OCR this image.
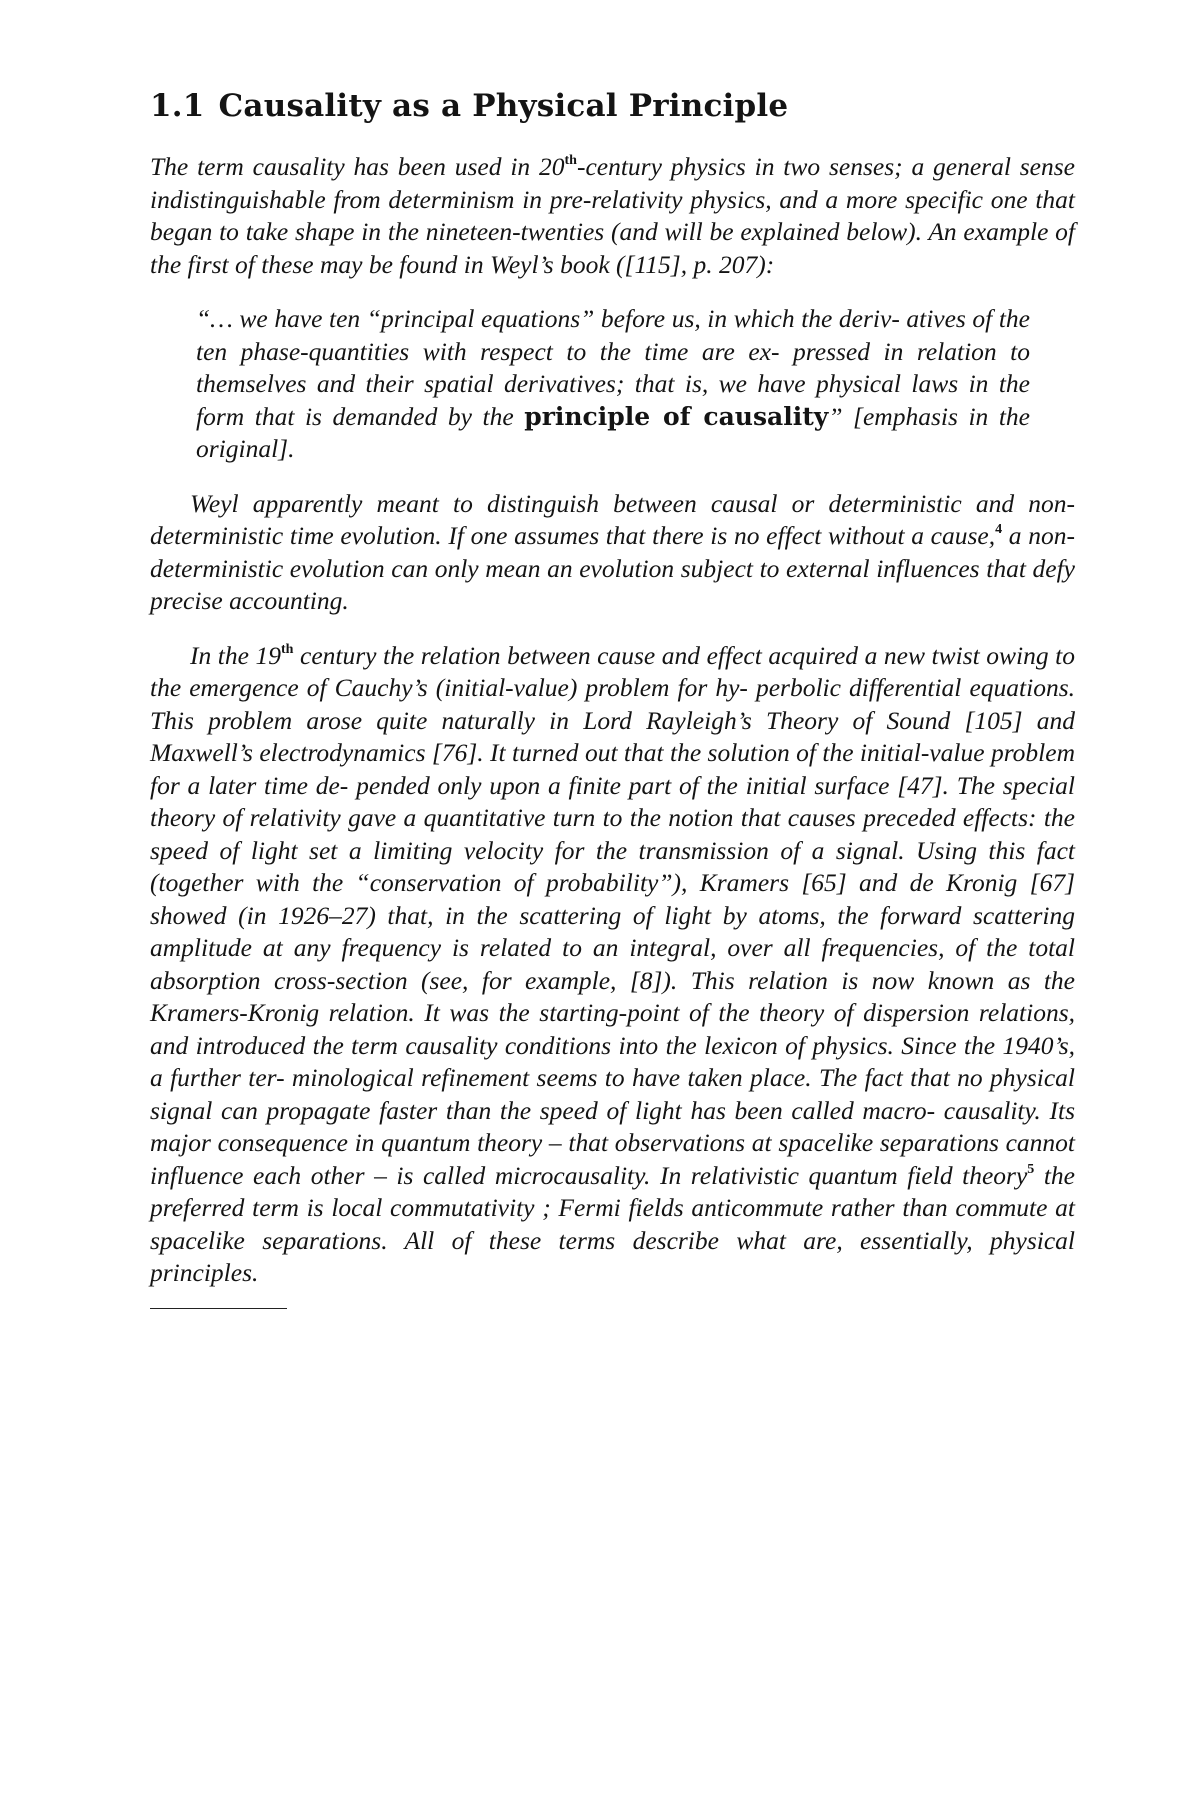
1.1 Causality as a Physical Principle

The term causality has been used in 20th-century physics in two senses; a general sense indistinguishable from determinism in pre-relativity physics, and a more specific one that began to take shape in the nineteen-twenties (and will be explained below). An example of the first of these may be found in Weyl’s book ([115], p. 207):

“… we have ten “principal equations” before us, in which the deriv- atives of the ten phase-quantities with respect to the time are ex- pressed in relation to themselves and their spatial derivatives; that is, we have physical laws in the form that is demanded by the principle of causality” [emphasis in the original].

Weyl apparently meant to distinguish between causal or deterministic and non-deterministic time evolution. If one assumes that there is no effect without a cause,$^4$ a non-deterministic evolution can only mean an evolution subject to external influences that defy precise accounting.

In the 19th century the relation between cause and effect acquired a new twist owing to the emergence of Cauchy’s (initial-value) problem for hy- perbolic differential equations. This problem arose quite naturally in Lord Rayleigh’s Theory of Sound [105] and Maxwell’s electrodynamics [76]. It turned out that the solution of the initial-value problem for a later time de- pended only upon a finite part of the initial surface [47]. The special theory of relativity gave a quantitative turn to the notion that causes preceded effects: the speed of light set a limiting velocity for the transmission of a signal. Using this fact (together with the “conservation of probability”), Kramers [65] and de Kronig [67] showed (in 1926–27) that, in the scattering of light by atoms, the forward scattering amplitude at any frequency is related to an integral, over all frequencies, of the total absorption cross-section (see, for example, [8]). This relation is now known as the Kramers-Kronig relation. It was the starting-point of the theory of dispersion relations, and introduced the term causality conditions into the lexicon of physics. Since the 1940’s, a further ter- minological refinement seems to have taken place. The fact that no physical signal can propagate faster than the speed of light has been called macro- causality. Its major consequence in quantum theory – that observations at spacelike separations cannot influence each other – is called microcausality. In relativistic quantum field theory$^5$ the preferred term is local commutativity ; Fermi fields anticommute rather than commute at spacelike separations. All of these terms describe what are, essentially, physical principles.
